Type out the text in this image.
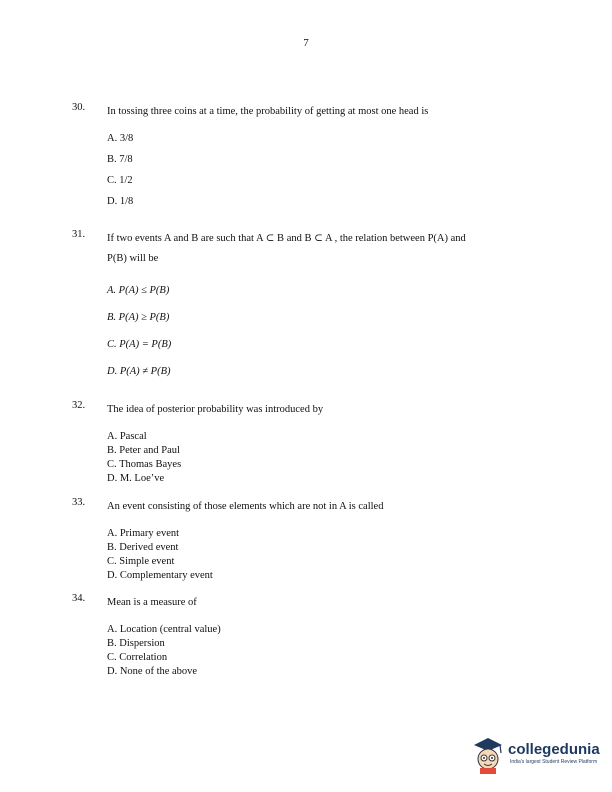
7
30. In tossing three coins at a time, the probability of getting at most one head is
A. 3/8
B. 7/8
C. 1/2
D. 1/8
31. If two events A and B are such that A ⊂ B and B ⊂ A , the relation between P(A) and
P(B) will be
A. P(A) ≤ P(B)
B. P(A) ≥ P(B)
C. P(A) = P(B)
D. P(A) ≠ P(B)
32. The idea of posterior probability was introduced by
A. Pascal
B. Peter and Paul
C. Thomas Bayes
D. M. Loe’ve
33. An event consisting of those elements which are not in A is called
A. Primary event
B. Derived event
C. Simple event
D. Complementary event
34. Mean is a measure of
A. Location (central value)
B. Dispersion
C. Correlation
D. None of the above
collegedunia
India's largest Student Review Platform
